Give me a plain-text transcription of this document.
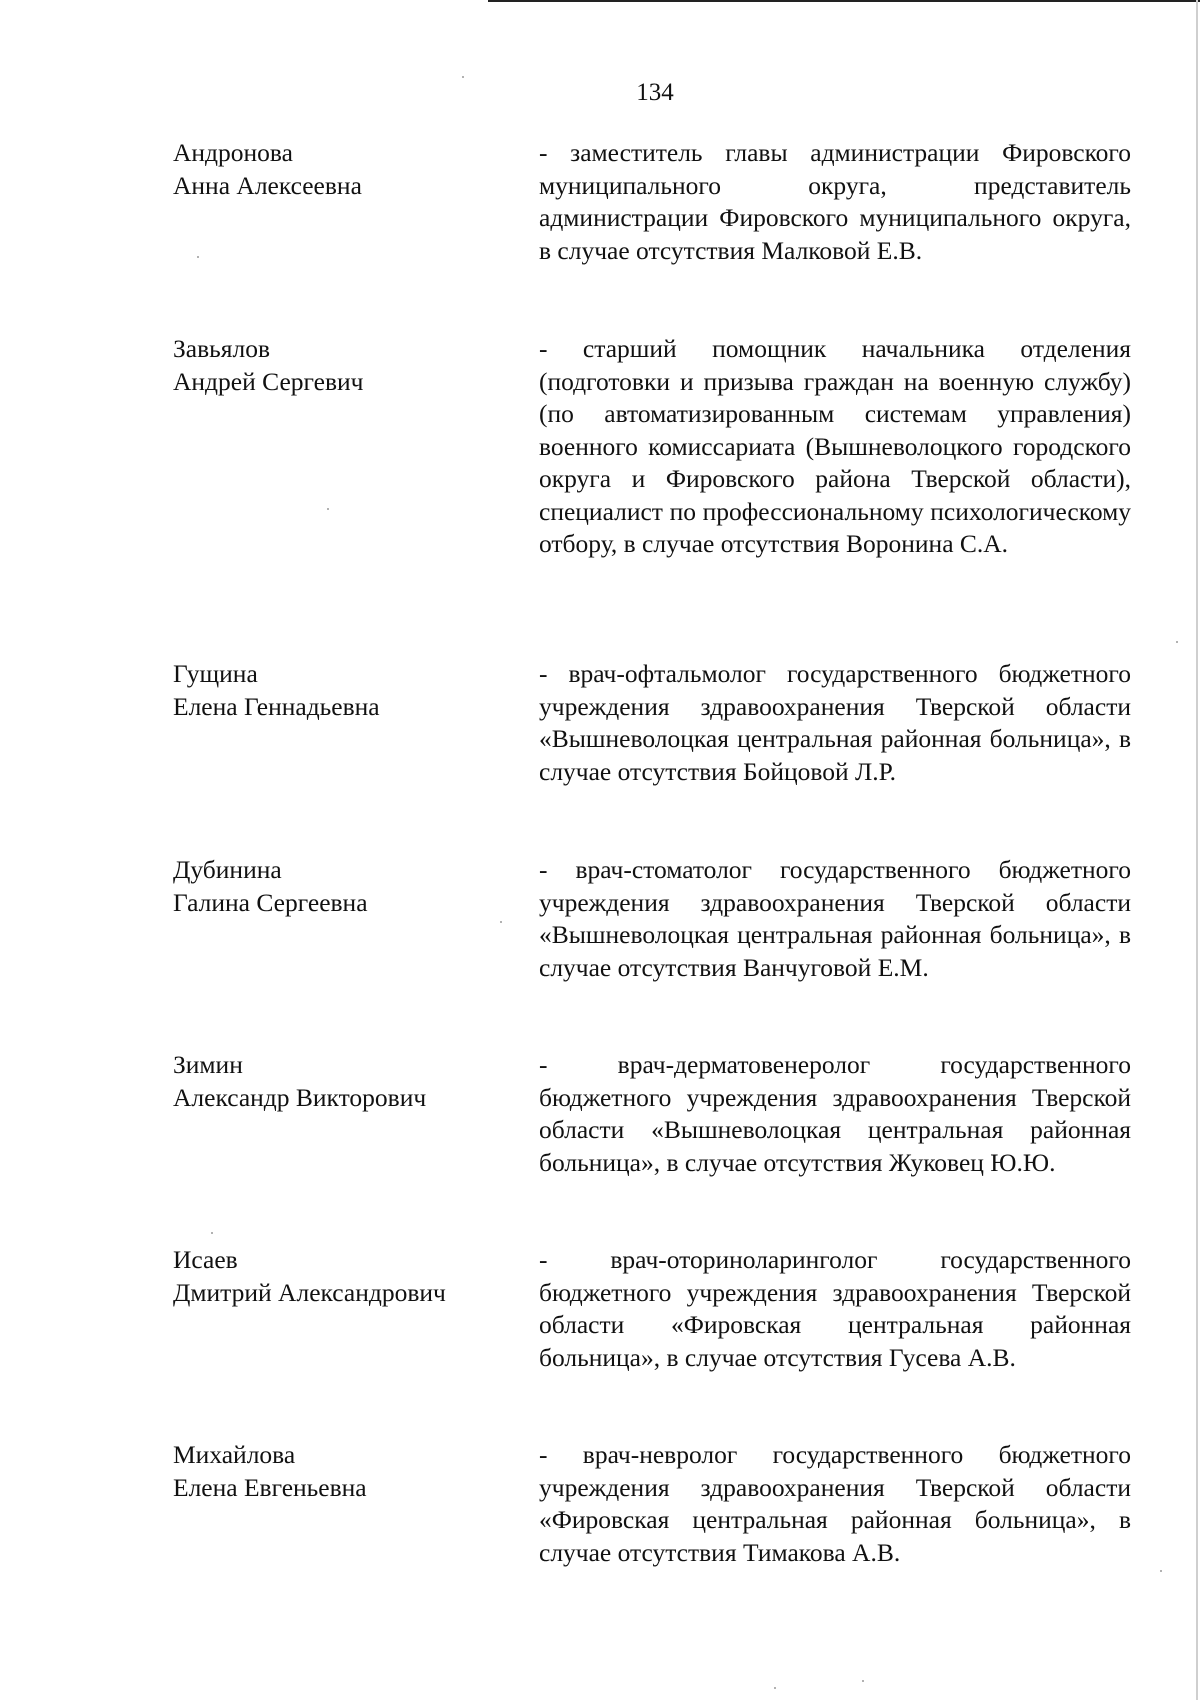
134
Андронова
Анна Алексеевна
- заместитель главы администрации Фировского муниципального округа, представитель администрации Фировского муниципального округа, в случае отсутствия Малковой Е.В.
Завьялов
Андрей Сергевич
- старший помощник начальника отделения (подготовки и призыва граждан на военную службу) (по автоматизированным системам управления) военного комиссариата (Вышневолоцкого городского округа и Фировского района Тверской области), специалист по профессиональному психологическому отбору, в случае отсутствия Воронина С.А.
Гущина
Елена Геннадьевна
- врач-офтальмолог государственного бюджетного учреждения здравоохранения Тверской области «Вышневолоцкая центральная районная больница», в случае отсутствия Бойцовой Л.Р.
Дубинина
Галина Сергеевна
- врач-стоматолог государственного бюджетного учреждения здравоохранения Тверской области «Вышневолоцкая центральная районная больница», в случае отсутствия Ванчуговой Е.М.
Зимин
Александр Викторович
- врач-дерматовенеролог государственного бюджетного учреждения здравоохранения Тверской области «Вышневолоцкая центральная районная больница», в случае отсутствия Жуковец Ю.Ю.
Исаев
Дмитрий Александрович
- врач-оториноларинголог государственного бюджетного учреждения здравоохранения Тверской области «Фировская центральная районная больница», в случае отсутствия Гусева А.В.
Михайлова
Елена Евгеньевна
- врач-невролог государственного бюджетного учреждения здравоохранения Тверской области «Фировская центральная районная больница», в случае отсутствия Тимакова А.В.
